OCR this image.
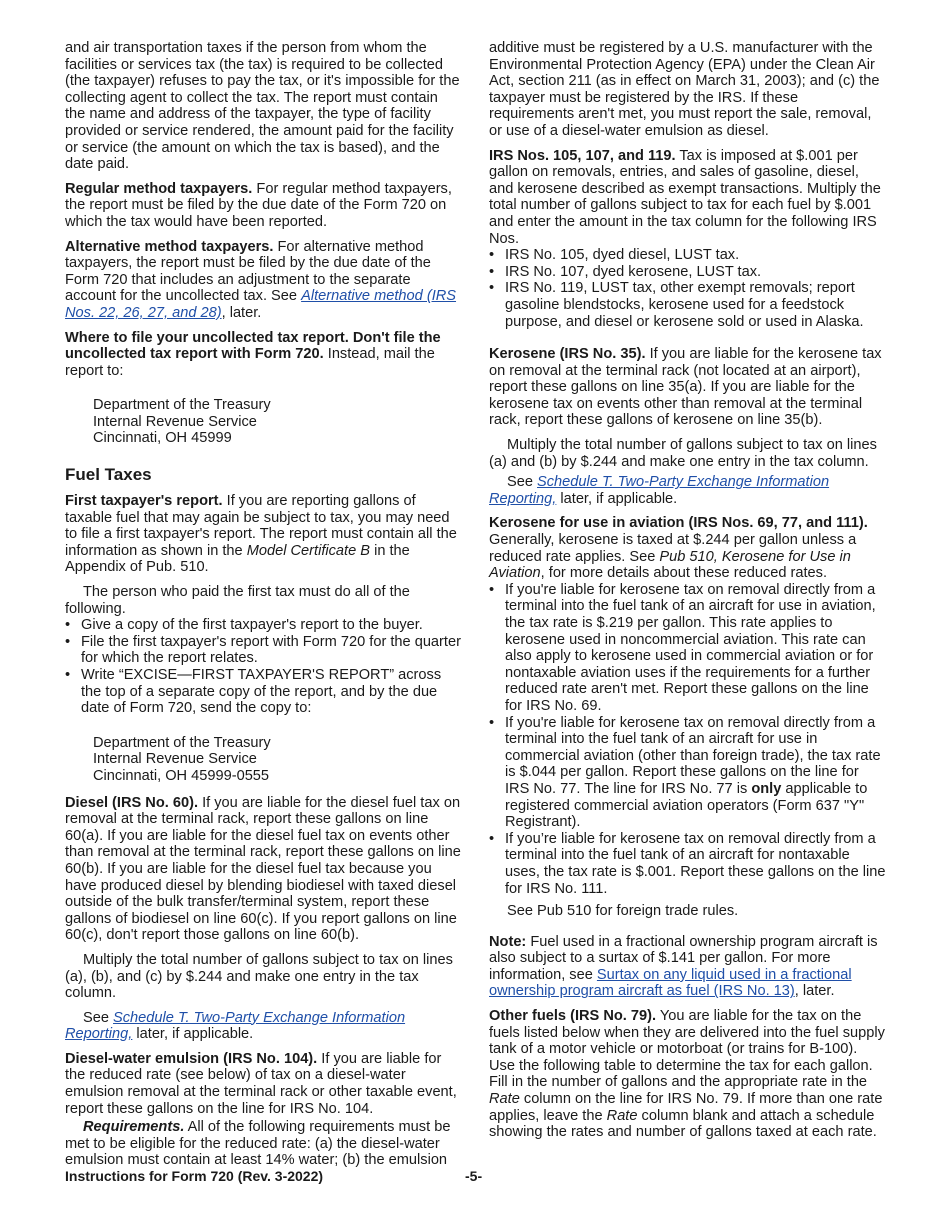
and air transportation taxes if the person from whom the facilities or services tax (the tax) is required to be collected (the taxpayer) refuses to pay the tax, or it's impossible for the collecting agent to collect the tax. The report must contain the name and address of the taxpayer, the type of facility provided or service rendered, the amount paid for the facility or service (the amount on which the tax is based), and the date paid.

Regular method taxpayers. For regular method taxpayers, the report must be filed by the due date of the Form 720 on which the tax would have been reported.

Alternative method taxpayers. For alternative method taxpayers, the report must be filed by the due date of the Form 720 that includes an adjustment to the separate account for the uncollected tax. See Alternative method (IRS Nos. 22, 26, 27, and 28), later.

Where to file your uncollected tax report. Don't file the uncollected tax report with Form 720. Instead, mail the report to:

Department of the Treasury
Internal Revenue Service
Cincinnati, OH 45999
Fuel Taxes

First taxpayer's report. If you are reporting gallons of taxable fuel that may again be subject to tax, you may need to file a first taxpayer's report. The report must contain all the information as shown in the Model Certificate B in the Appendix of Pub. 510.

The person who paid the first tax must do all of the following.

• Give a copy of the first taxpayer's report to the buyer.

• File the first taxpayer's report with Form 720 for the quarter for which the report relates.

• Write “EXCISE—FIRST TAXPAYER'S REPORT” across the top of a separate copy of the report, and by the due date of Form 720, send the copy to:

Department of the Treasury
Internal Revenue Service
Cincinnati, OH 45999-0555

Diesel (IRS No. 60). If you are liable for the diesel fuel tax on removal at the terminal rack, report these gallons on line 60(a). If you are liable for the diesel fuel tax on events other than removal at the terminal rack, report these gallons on line 60(b). If you are liable for the diesel fuel tax because you have produced diesel by blending biodiesel with taxed diesel outside of the bulk transfer/terminal system, report these gallons of biodiesel on line 60(c). If you report gallons on line 60(c), don't report those gallons on line 60(b).

Multiply the total number of gallons subject to tax on lines (a), (b), and (c) by $.244 and make one entry in the tax column.

See Schedule T. Two-Party Exchange Information Reporting, later, if applicable.

Diesel-water emulsion (IRS No. 104). If you are liable for the reduced rate (see below) of tax on a diesel-water emulsion removal at the terminal rack or other taxable event, report these gallons on the line for IRS No. 104.

Requirements. All of the following requirements must be met to be eligible for the reduced rate: (a) the diesel-water emulsion must contain at least 14% water; (b) the emulsion

additive must be registered by a U.S. manufacturer with the Environmental Protection Agency (EPA) under the Clean Air Act, section 211 (as in effect on March 31, 2003); and (c) the taxpayer must be registered by the IRS. If these requirements aren't met, you must report the sale, removal, or use of a diesel-water emulsion as diesel.

IRS Nos. 105, 107, and 119. Tax is imposed at $.001 per gallon on removals, entries, and sales of gasoline, diesel, and kerosene described as exempt transactions. Multiply the total number of gallons subject to tax for each fuel by $.001 and enter the amount in the tax column for the following IRS Nos.

• IRS No. 105, dyed diesel, LUST tax.

• IRS No. 107, dyed kerosene, LUST tax.

• IRS No. 119, LUST tax, other exempt removals; report gasoline blendstocks, kerosene used for a feedstock purpose, and diesel or kerosene sold or used in Alaska.

Kerosene (IRS No. 35). If you are liable for the kerosene tax on removal at the terminal rack (not located at an airport), report these gallons on line 35(a). If you are liable for the kerosene tax on events other than removal at the terminal rack, report these gallons of kerosene on line 35(b).

Multiply the total number of gallons subject to tax on lines (a) and (b) by $.244 and make one entry in the tax column.

See Schedule T. Two-Party Exchange Information Reporting, later, if applicable.

Kerosene for use in aviation (IRS Nos. 69, 77, and 111). Generally, kerosene is taxed at $.244 per gallon unless a reduced rate applies. See Pub 510, Kerosene for Use in Aviation, for more details about these reduced rates.

• If you're liable for kerosene tax on removal directly from a terminal into the fuel tank of an aircraft for use in aviation, the tax rate is $.219 per gallon. This rate applies to kerosene used in noncommercial aviation. This rate can also apply to kerosene used in commercial aviation or for nontaxable aviation uses if the requirements for a further reduced rate aren't met. Report these gallons on the line for IRS No. 69.

• If you're liable for kerosene tax on removal directly from a terminal into the fuel tank of an aircraft for use in commercial aviation (other than foreign trade), the tax rate is $.044 per gallon. Report these gallons on the line for IRS No. 77. The line for IRS No. 77 is only applicable to registered commercial aviation operators (Form 637 "Y" Registrant).

• If you’re liable for kerosene tax on removal directly from a terminal into the fuel tank of an aircraft for nontaxable uses, the tax rate is $.001. Report these gallons on the line for IRS No. 111.

See Pub 510 for foreign trade rules.

Note: Fuel used in a fractional ownership program aircraft is also subject to a surtax of $.141 per gallon. For more information, see Surtax on any liquid used in a fractional ownership program aircraft as fuel (IRS No. 13), later.

Other fuels (IRS No. 79). You are liable for the tax on the fuels listed below when they are delivered into the fuel supply tank of a motor vehicle or motorboat (or trains for B-100). Use the following table to determine the tax for each gallon. Fill in the number of gallons and the appropriate rate in the Rate column on the line for IRS No. 79. If more than one rate applies, leave the Rate column blank and attach a schedule showing the rates and number of gallons taxed at each rate.

Instructions for Form 720 (Rev. 3-2022)	-5-
